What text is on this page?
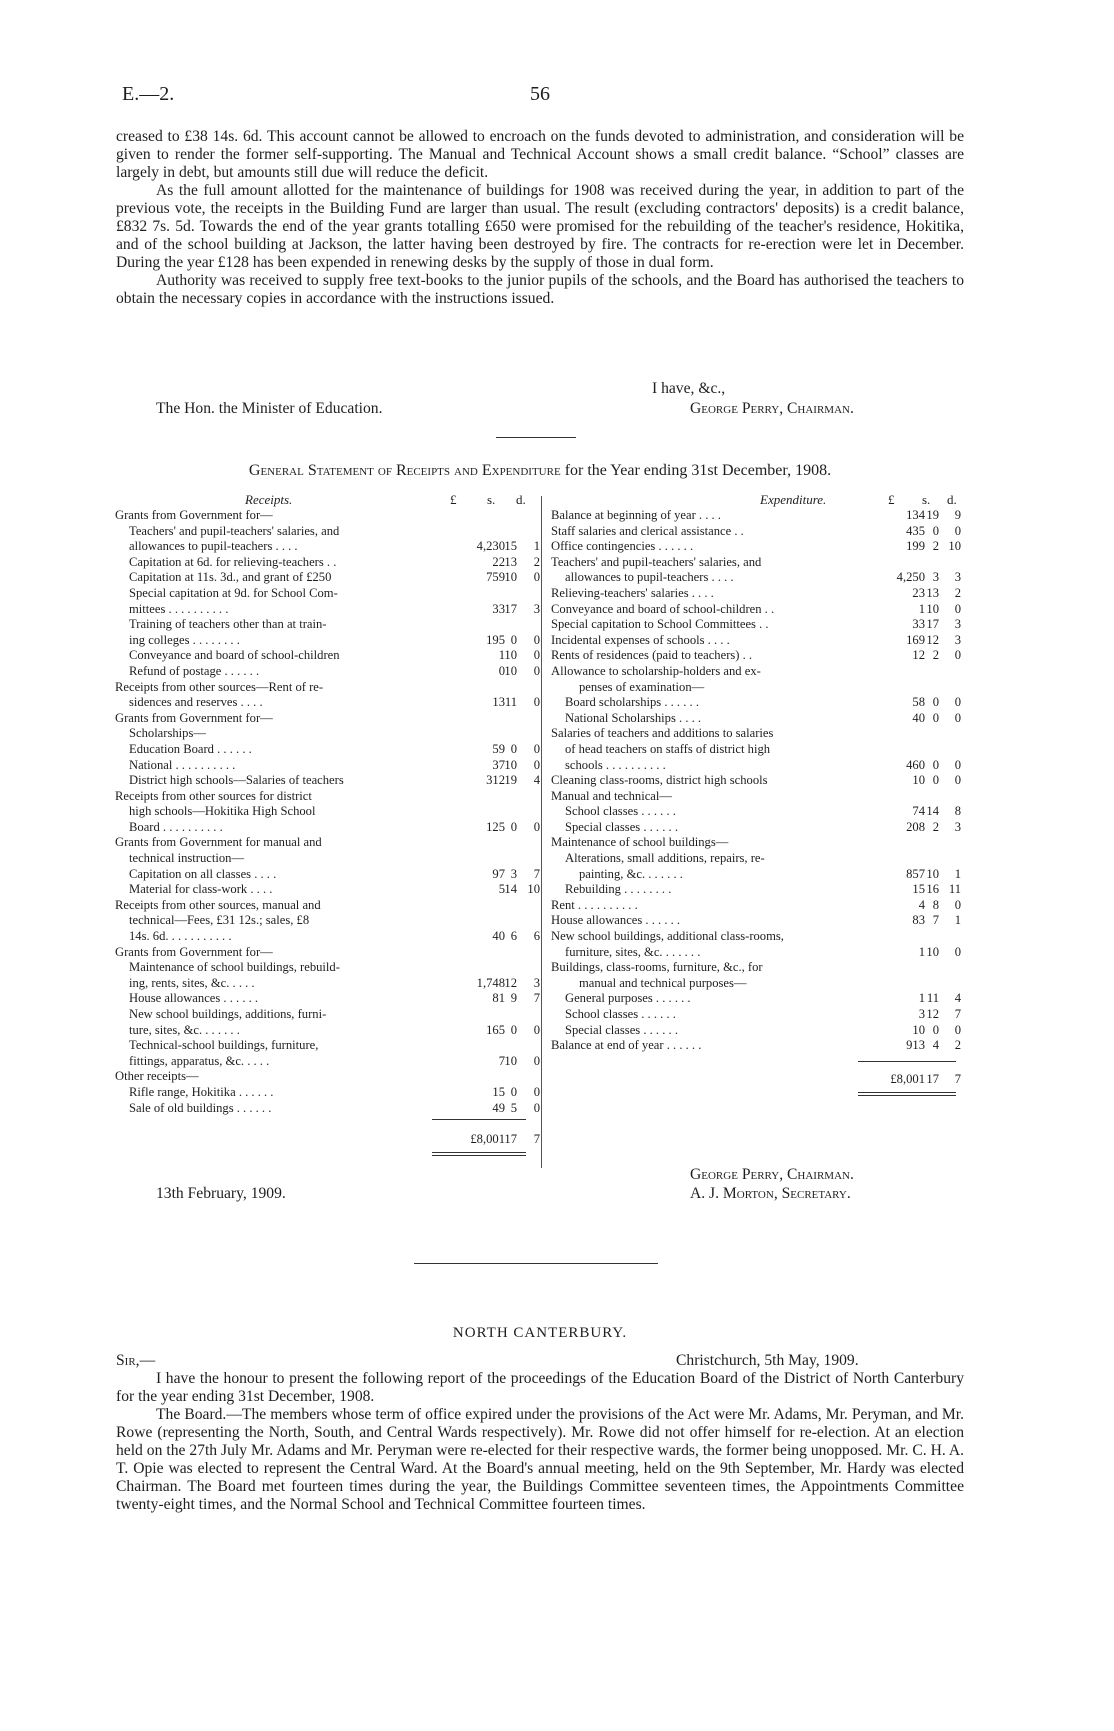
E.—2.	56

creased to £38 14s. 6d. This account cannot be allowed to encroach on the funds devoted to administration, and consideration will be given to render the former self-supporting. The Manual and Technical Account shows a small credit balance. “School” classes are largely in debt, but amounts still due will reduce the deficit.

As the full amount allotted for the maintenance of buildings for 1908 was received during the year, in addition to part of the previous vote, the receipts in the Building Fund are larger than usual. The result (excluding contractors' deposits) is a credit balance, £832 7s. 5d. Towards the end of the year grants totalling £650 were promised for the rebuilding of the teacher's residence, Hokitika, and of the school building at Jackson, the latter having been destroyed by fire. The contracts for re-erection were let in December. During the year £128 has been expended in renewing desks by the supply of those in dual form.

Authority was received to supply free text-books to the junior pupils of the schools, and the Board has authorised the teachers to obtain the necessary copies in accordance with the instructions issued.

I have, &c.,
The Hon. the Minister of Education.	George Perry, Chairman.
General Statement of Receipts and Expenditure for the Year ending 31st December, 1908.
Receipts.	£ s. d.	Expenditure.	£ s. d.
Grants from Government for—
Teachers' and pupil-teachers' salaries, and
allowances to pupil-teachers . . . .	4,230 15	1
Capitation at 6d. for relieving-teachers . .	22 13	2
Capitation at 11s. 3d., and grant of £250	759 10	0
Special capitation at 9d. for School Com-
mittees . . . . . . . . . .	33 17	3
Training of teachers other than at train-
ing colleges . . . . . . . .	195 0	0
Conveyance and board of school-children	1 10	0
Refund of postage . . . . . .	0 10	0
Receipts from other sources—Rent of re-
sidences and reserves . . . .	13 11	0
Grants from Government for—
Scholarships—
Education Board . . . . . .	59 0	0
National . . . . . . . . . .	37 10	0
District high schools—Salaries of teachers	312 19	4
Receipts from other sources for district
high schools—Hokitika High School
Board . . . . . . . . . .	125 0	0
Grants from Government for manual and
technical instruction—
Capitation on all classes . . . .	97 3	7
Material for class-work . . . .	5 14 10
Receipts from other sources, manual and
technical—Fees, £31 12s.; sales, £8
14s. 6d. . . . . . . . . . .	40 6	6
Grants from Government for—
Maintenance of school buildings, rebuild-
ing, rents, sites, &c. . . . .	1,748 12	3
House allowances . . . . . .	81 9	7
New school buildings, additions, furni-
ture, sites, &c. . . . . . .	165 0	0
Technical-school buildings, furniture,
fittings, apparatus, &c. . . . .	7 10	0
Other receipts—
Rifle range, Hokitika . . . . . .	15 0	0
Sale of old buildings . . . . . .	49 5	0
Balance at beginning of year . . . .	134 19	9
Staff salaries and clerical assistance . .	435 0	0
Office contingencies . . . . . .	199 2 10
Teachers' and pupil-teachers' salaries, and
allowances to pupil-teachers . . . .	4,250 3	3
Relieving-teachers' salaries . . . .	23 13	2
Conveyance and board of school-children . .	1 10	0
Special capitation to School Committees . .	33 17	3
Incidental expenses of schools . . . .	169 12	3
Rents of residences (paid to teachers) . .	12 2	0
Allowance to scholarship-holders and ex-
penses of examination—
Board scholarships . . . . . .	58 0	0
National Scholarships . . . .	40 0	0
Salaries of teachers and additions to salaries
of head teachers on staffs of district high
schools . . . . . . . . . .	460 0	0
Cleaning class-rooms, district high schools	10 0	0
Manual and technical—
School classes . . . . . .	74 14	8
Special classes . . . . . .	208 2	3
Maintenance of school buildings—
Alterations, small additions, repairs, re-
painting, &c. . . . . . .	857 10	1
Rebuilding . . . . . . . .	15 16 11
Rent . . . . . . . . . .	4 8	0
House allowances . . . . . .	83 7	1
New school buildings, additional class-rooms,
furniture, sites, &c. . . . . . .	1 10	0
Buildings, class-rooms, furniture, &c., for
manual and technical purposes—
General purposes . . . . . .	1 11	4
School classes . . . . . .	3 12	7
Special classes . . . . . .	10 0	0
Balance at end of year . . . . . .	913 4	2
£8,001 17	7
£8,001 17	7
13th February, 1909.
George Perry, Chairman.
A. J. Morton, Secretary.
NORTH CANTERBURY.
Sir,—	Christchurch, 5th May, 1909.

I have the honour to present the following report of the proceedings of the Education Board of the District of North Canterbury for the year ending 31st December, 1908.

The Board.—The members whose term of office expired under the provisions of the Act were Mr. Adams, Mr. Peryman, and Mr. Rowe (representing the North, South, and Central Wards respectively). Mr. Rowe did not offer himself for re-election. At an election held on the 27th July Mr. Adams and Mr. Peryman were re-elected for their respective wards, the former being unopposed. Mr. C. H. A. T. Opie was elected to represent the Central Ward. At the Board's annual meeting, held on the 9th September, Mr. Hardy was elected Chairman. The Board met fourteen times during the year, the Buildings Committee seventeen times, the Appointments Committee twenty-eight times, and the Normal School and Technical Committee fourteen times.
